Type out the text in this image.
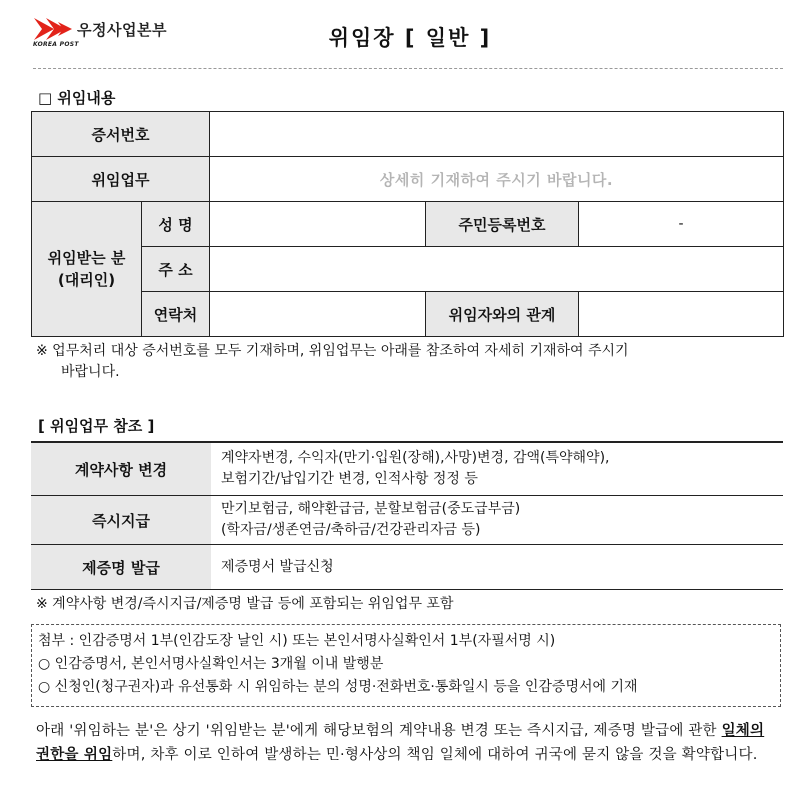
우정사업본부
KOREA POST	위임장 [ 일반 ]
□ 위임내용
증서번호				
위임업무		상세히 기재하여 주시기 바랍니다.		

위임받는 분
(대리인)	성 명		주민등록번호	-
	주 소			
	연락처		위임자와의 관계	
※ 업무처리 대상 증서번호를 모두 기재하며, 위임업무는 아래를 참조하여 자세히 기재하여 주시기
바랍니다.
[ 위임업무 참조 ]
계약사항 변경	계약자변경, 수익자(만기·입원(장해),사망)변경, 감액(특약해약),
보험기간/납입기간 변경, 인적사항 정정 등

즉시지급	만기보험금, 해약환급금, 분할보험금(중도급부금)
(학자금/생존연금/축하금/건강관리자금 등)

제증명 발급	제증명서 발급신청
※ 계약사항 변경/즉시지급/제증명 발급 등에 포함되는 위임업무 포함
첨부 : 인감증명서 1부(인감도장 날인 시) 또는 본인서명사실확인서 1부(자필서명 시)
○ 인감증명서, 본인서명사실확인서는 3개월 이내 발행분
○ 신청인(청구권자)과 유선통화 시 위임하는 분의 성명·전화번호·통화일시 등을 인감증명서에 기재
아래 '위임하는 분'은 상기 '위임받는 분'에게 해당보험의 계약내용 변경 또는 즉시지급, 제증명 발급에 관한 일체의 권한을 위임하며, 차후 이로 인하여 발생하는 민·형사상의 책임 일체에 대하여 귀국에 묻지 않을 것을 확약합니다.
